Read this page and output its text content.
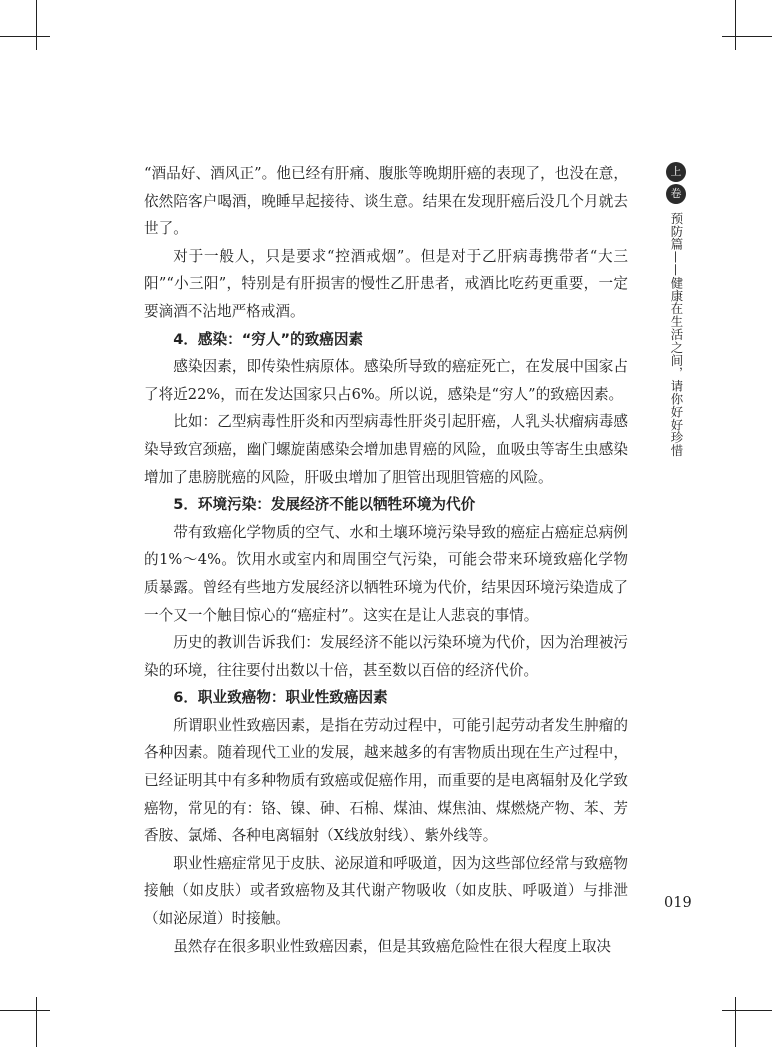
“酒品好、酒风正”。他已经有肝痛、腹胀等晚期肝癌的表现了，也没在意，依然陪客户喝酒，晚睡早起接待、谈生意。结果在发现肝癌后没几个月就去世了。

对于一般人，只是要求“控酒戒烟”。但是对于乙肝病毒携带者“大三阳”“小三阳”，特别是有肝损害的慢性乙肝患者，戒酒比吃药更重要，一定要滴酒不沾地严格戒酒。

4．感染：“穷人”的致癌因素

感染因素，即传染性病原体。感染所导致的癌症死亡，在发展中国家占了将近22%，而在发达国家只占6%。所以说，感染是“穷人”的致癌因素。

比如：乙型病毒性肝炎和丙型病毒性肝炎引起肝癌，人乳头状瘤病毒感染导致宫颈癌，幽门螺旋菌感染会增加患胃癌的风险，血吸虫等寄生虫感染增加了患膀胱癌的风险，肝吸虫增加了胆管出现胆管癌的风险。

5．环境污染：发展经济不能以牺牲环境为代价

带有致癌化学物质的空气、水和土壤环境污染导致的癌症占癌症总病例的1%～4%。饮用水或室内和周围空气污染，可能会带来环境致癌化学物质暴露。曾经有些地方发展经济以牺牲环境为代价，结果因环境污染造成了一个又一个触目惊心的“癌症村”。这实在是让人悲哀的事情。

历史的教训告诉我们：发展经济不能以污染环境为代价，因为治理被污染的环境，往往要付出数以十倍，甚至数以百倍的经济代价。

6．职业致癌物：职业性致癌因素

所谓职业性致癌因素，是指在劳动过程中，可能引起劳动者发生肿瘤的各种因素。随着现代工业的发展，越来越多的有害物质出现在生产过程中，已经证明其中有多种物质有致癌或促癌作用，而重要的是电离辐射及化学致癌物，常见的有：铬、镍、砷、石棉、煤油、煤焦油、煤燃烧产物、苯、芳香胺、氯烯、各种电离辐射（X线放射线）、紫外线等。

职业性癌症常见于皮肤、泌尿道和呼吸道，因为这些部位经常与致癌物接触（如皮肤）或者致癌物及其代谢产物吸收（如皮肤、呼吸道）与排泄（如泌尿道）时接触。

虽然存在很多职业性致癌因素，但是其致癌危险性在很大程度上取决

上
卷
预防篇——健康在生活之间，请你好好珍惜
019
